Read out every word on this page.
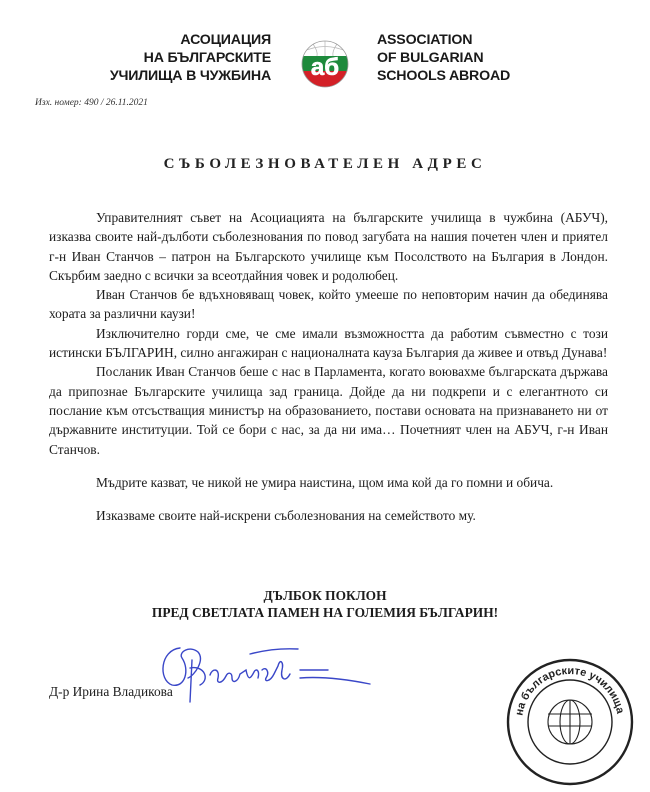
АСОЦИАЦИЯ
НА БЪЛГАРСКИТЕ
УЧИЛИЩА В ЧУЖБИНА аб
ASSOCIATION
OF BULGARIAN
SCHOOLS ABROAD
Изх. номер: 490 / 26.11.2021
СЪБОЛЕЗНОВАТЕЛЕН АДРЕС

Управителният съвет на Асоциацията на българските училища в чужбина (АБУЧ), изказва своите най-дълботи съболезнования по повод загубата на нашия почетен член и приятел г-н Иван Станчов – патрон на Българското училище към Посолството на България в Лондон. Скърбим заедно с всички за всеотдайния човек и родолюбец.

Иван Станчов бе вдъхновяващ човек, който умееше по неповторим начин да обединява хората за различни каузи!

Изключително горди сме, че сме имали възможността да работим съвместно с този истински БЪЛГАРИН, силно ангажиран с националната кауза България да живее и отвъд Дунава!

Посланик Иван Станчов беше с нас в Парламента, когато воювахме българската държава да припознае Българските училища зад граница. Дойде да ни подкрепи и с елегантното си послание към отсъстващия министър на образованието, постави основата на признаването ни от държавните институции. Той се бори с нас, за да ни има… Почетният член на АБУЧ, г-н Иван Станчов.

Мъдрите казват, че никой не умира наистина, щом има кой да го помни и обича.

Изказваме своите най-искрени съболезнования на семейството му.

ДЪЛБОК ПОКЛОН
ПРЕД СВЕТЛАТА ПАМЕН НА ГОЛЕМИЯ БЪЛГАРИН!
Д-р Ирина Владикова
на българските училища
